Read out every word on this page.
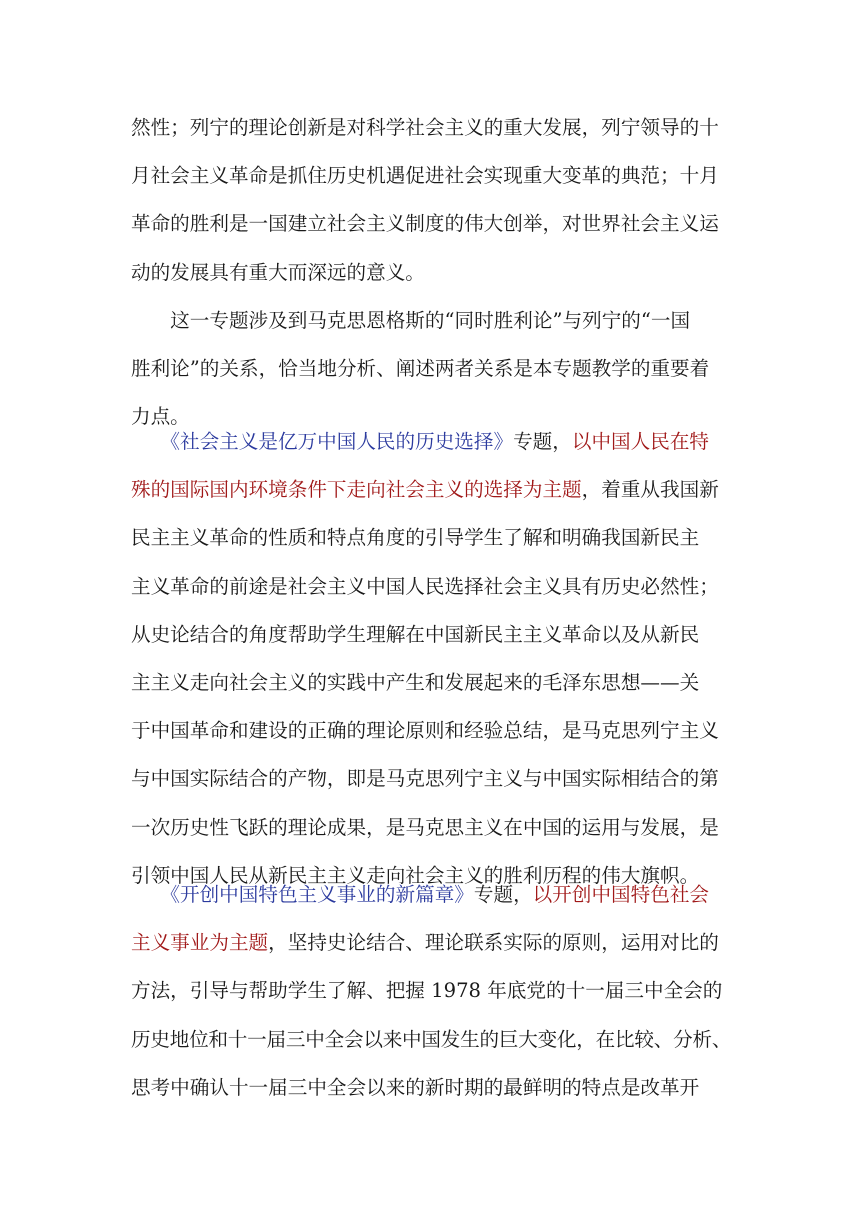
然性；列宁的理论创新是对科学社会主义的重大发展，列宁领导的十
月社会主义革命是抓住历史机遇促进社会实现重大变革的典范；十月
革命的胜利是一国建立社会主义制度的伟大创举，对世界社会主义运
动的发展具有重大而深远的意义。
　　这一专题涉及到马克思恩格斯的“同时胜利论”与列宁的“一国
胜利论”的关系，恰当地分析、阐述两者关系是本专题教学的重要着
力点。
　　《社会主义是亿万中国人民的历史选择》专题，以中国人民在特
殊的国际国内环境条件下走向社会主义的选择为主题，着重从我国新
民主主义革命的性质和特点角度的引导学生了解和明确我国新民主
主义革命的前途是社会主义中国人民选择社会主义具有历史必然性；
从史论结合的角度帮助学生理解在中国新民主主义革命以及从新民
主主义走向社会主义的实践中产生和发展起来的毛泽东思想——关
于中国革命和建设的正确的理论原则和经验总结，是马克思列宁主义
与中国实际结合的产物，即是马克思列宁主义与中国实际相结合的第
一次历史性飞跃的理论成果，是马克思主义在中国的运用与发展，是
引领中国人民从新民主主义走向社会主义的胜利历程的伟大旗帜。
　　《开创中国特色主义事业的新篇章》专题，以开创中国特色社会
主义事业为主题，坚持史论结合、理论联系实际的原则，运用对比的
方法，引导与帮助学生了解、把握 1978 年底党的十一届三中全会的
历史地位和十一届三中全会以来中国发生的巨大变化，在比较、分析、
思考中确认十一届三中全会以来的新时期的最鲜明的特点是改革开
